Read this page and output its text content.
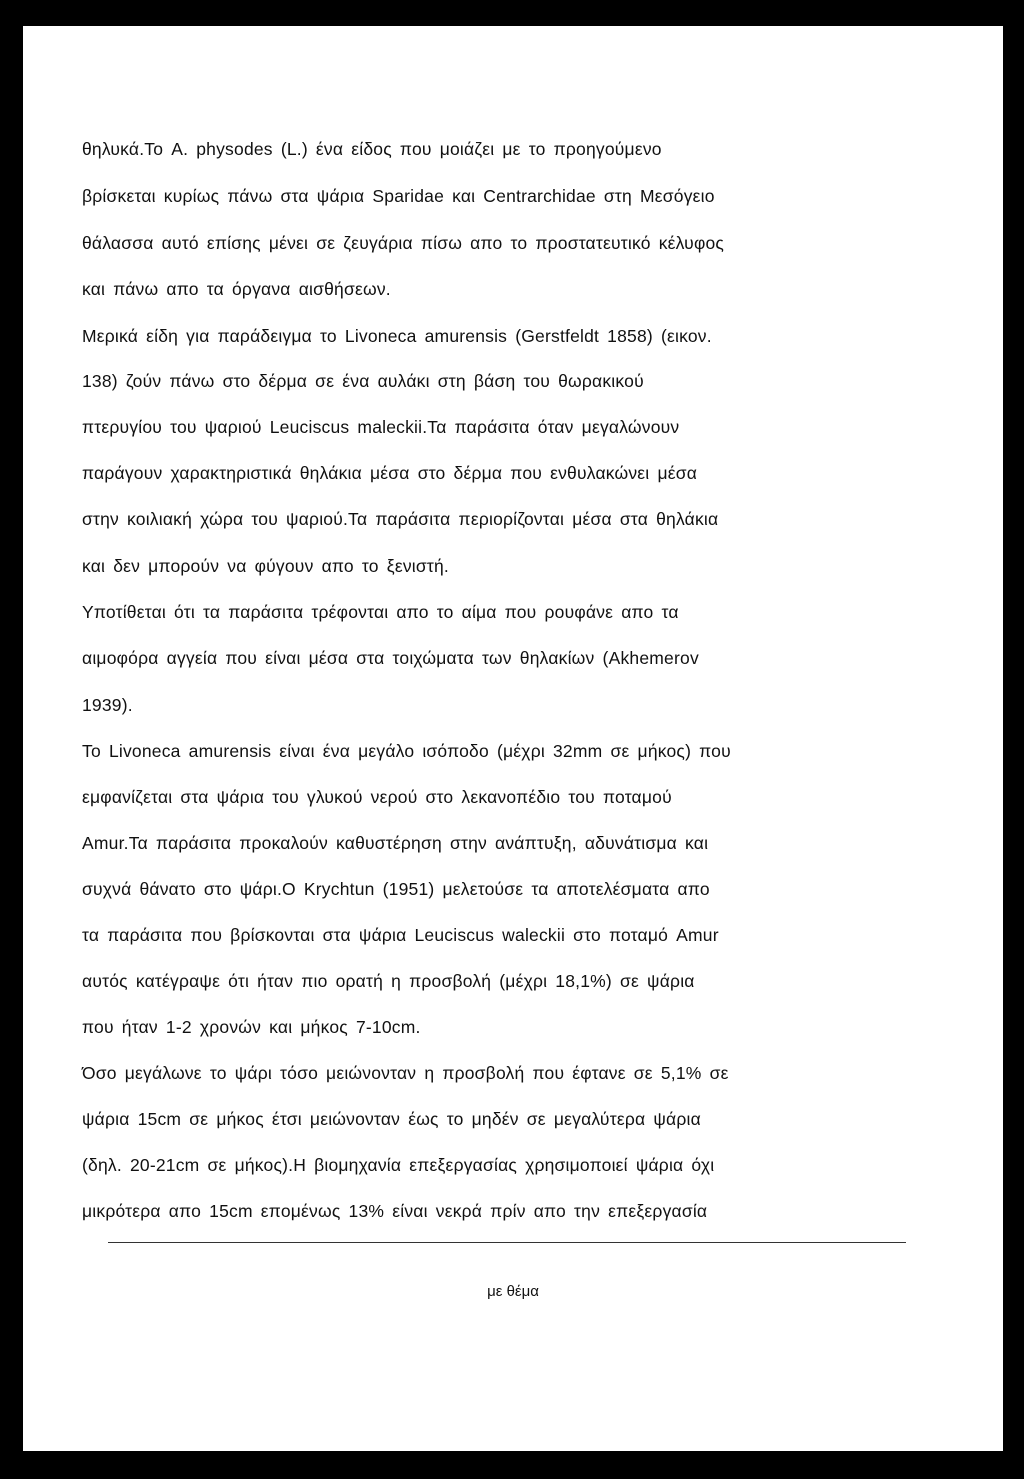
θηλυκά.Το A. physodes (L.) ένα είδος που μοιάζει με το προηγούμενο
βρίσκεται κυρίως πάνω στα ψάρια Sparidae και Centrarchidae στη Μεσόγειο
θάλασσα αυτό επίσης μένει σε ζευγάρια πίσω απο το προστατευτικό κέλυφος
και πάνω απο τα όργανα αισθήσεων.
Μερικά είδη για παράδειγμα το Livoneca amurensis (Gerstfeldt 1858) (εικον.
138) ζούν πάνω στο δέρμα σε ένα αυλάκι στη βάση του θωρακικού
πτερυγίου του ψαριού Leuciscus maleckii.Τα παράσιτα όταν μεγαλώνουν
παράγουν χαρακτηριστικά θηλάκια μέσα στο δέρμα που ενθυλακώνει μέσα
στην κοιλιακή χώρα του ψαριού.Τα παράσιτα περιορίζονται μέσα στα θηλάκια
και δεν μπορούν να φύγουν απο το ξενιστή.
Υποτίθεται ότι τα παράσιτα τρέφονται απο το αίμα που ρουφάνε απο τα
αιμοφόρα αγγεία που είναι μέσα στα τοιχώματα των θηλακίων (Akhemerov
1939).
Το Livoneca amurensis είναι ένα μεγάλο ισόποδο (μέχρι 32mm σε μήκος) που
εμφανίζεται στα ψάρια του γλυκού νερού στο λεκανοπέδιο του ποταμού
Amur.Τα παράσιτα προκαλούν καθυστέρηση στην ανάπτυξη, αδυνάτισμα και
συχνά θάνατο στο ψάρι.Ο Krychtun (1951) μελετούσε τα αποτελέσματα απο
τα παράσιτα που βρίσκονται στα ψάρια Leuciscus waleckii στο ποταμό Amur
αυτός κατέγραψε ότι ήταν πιο ορατή η προσβολή (μέχρι 18,1%) σε ψάρια
που ήταν 1-2 χρονών και μήκος 7-10cm.
Όσο μεγάλωνε το ψάρι τόσο μειώνονταν η προσβολή που έφτανε σε 5,1% σε
ψάρια 15cm σε μήκος έτσι μειώνονταν έως το μηδέν σε μεγαλύτερα ψάρια
(δηλ. 20-21cm σε μήκος).Η βιομηχανία επεξεργασίας χρησιμοποιεί ψάρια όχι
μικρότερα απο 15cm επομένως 13% είναι νεκρά πρίν απο την επεξεργασία
με θέμα
